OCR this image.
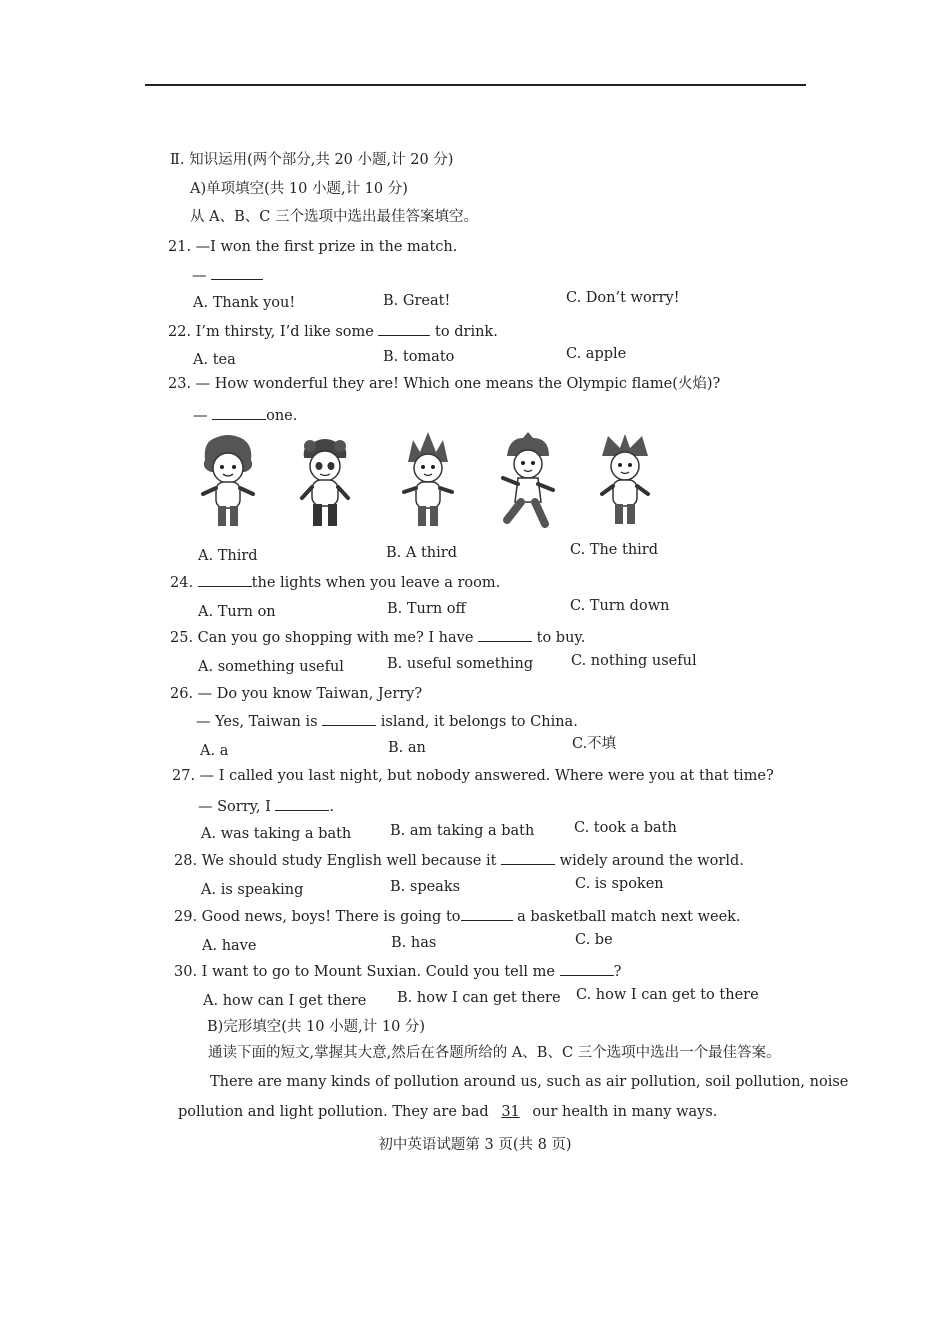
Ⅱ. 知识运用(两个部分,共 20 小题,计 20 分)
A)单项填空(共 10 小题,计 10 分)
从 A、B、C 三个选项中选出最佳答案填空。
21. —I won the first prize in the match.
—
A. Thank you!	B. Great!	C. Don’t worry!
22. I’m thirsty, I’d like some	to drink.
A. tea	B. tomato	C. apple
23. — How wonderful they are! Which one means the Olympic flame(火焰)?
—	one.
A. Third	B. A third	C. The third
24.	the lights when you leave a room.
A. Turn on	B. Turn off	C. Turn down
25. Can you go shopping with me? I have	to buy.
A. something useful	B. useful something	C. nothing useful
26. — Do you know Taiwan, Jerry?
— Yes, Taiwan is	island, it belongs to China.
A. a	B. an	C.不填
27. — I called you last night, but nobody answered. Where were you at that time?
— Sorry, I	.
A. was taking a bath	B. am taking a bath	C. took a bath
28. We should study English well because it	widely around the world.
A. is speaking	B. speaks	C. is spoken
29. Good news, boys! There is going to	a basketball match next week.
A. have	B. has	C. be
30. I want to go to Mount Suxian. Could you tell me	?
A. how can I get there B. how I can get there C. how I can get to there
B)完形填空(共 10 小题,计 10 分)
通读下面的短文,掌握其大意,然后在各题所给的 A、B、C 三个选项中选出一个最佳答案。
There are many kinds of pollution around us, such as air pollution, soil pollution, noise
pollution and light pollution. They are bad 31 our health in many ways.
初中英语试题第 3 页(共 8 页)
